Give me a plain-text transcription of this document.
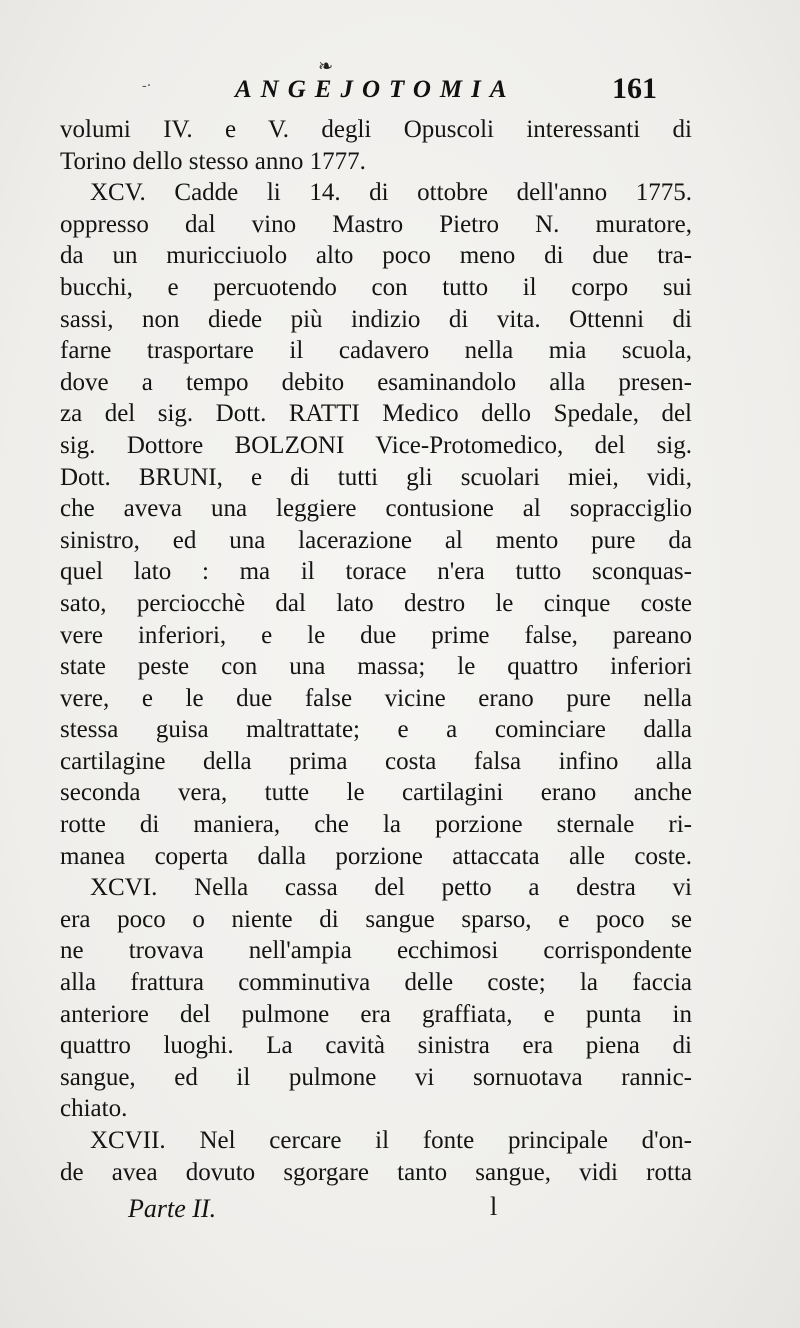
‑·
❧
ANGEJOTOMIA	161
volumi IV. e V. degli Opuscoli interessanti di
Torino dello stesso anno 1777.
XCV. Cadde li 14. di ottobre dell'anno 1775.
oppresso dal vino Mastro Pietro N. muratore,
da un muricciuolo alto poco meno di due tra-
bucchi, e percuotendo con tutto il corpo sui
sassi, non diede più indizio di vita. Ottenni di
farne trasportare il cadavero nella mia scuola,
dove a tempo debito esaminandolo alla presen-
za del sig. Dott. RATTI Medico dello Spedale, del
sig. Dottore BOLZONI Vice-Protomedico, del sig.
Dott. BRUNI, e di tutti gli scuolari miei, vidi,
che aveva una leggiere contusione al sopracciglio
sinistro, ed una lacerazione al mento pure da
quel lato : ma il torace n'era tutto sconquas-
sato, perciocchè dal lato destro le cinque coste
vere inferiori, e le due prime false, pareano
state peste con una massa; le quattro inferiori
vere, e le due false vicine erano pure nella
stessa guisa maltrattate; e a cominciare dalla
cartilagine della prima costa falsa infino alla
seconda vera, tutte le cartilagini erano anche
rotte di maniera, che la porzione sternale ri-
manea coperta dalla porzione attaccata alle coste.
XCVI. Nella cassa del petto a destra vi
era poco o niente di sangue sparso, e poco se
ne trovava nell'ampia ecchimosi corrispondente
alla frattura comminutiva delle coste; la faccia
anteriore del pulmone era graffiata, e punta in
quattro luoghi. La cavità sinistra era piena di
sangue, ed il pulmone vi sornuotava rannic-
chiato.
XCVII. Nel cercare il fonte principale d'on-
de avea dovuto sgorgare tanto sangue, vidi rotta
Parte II.	l
